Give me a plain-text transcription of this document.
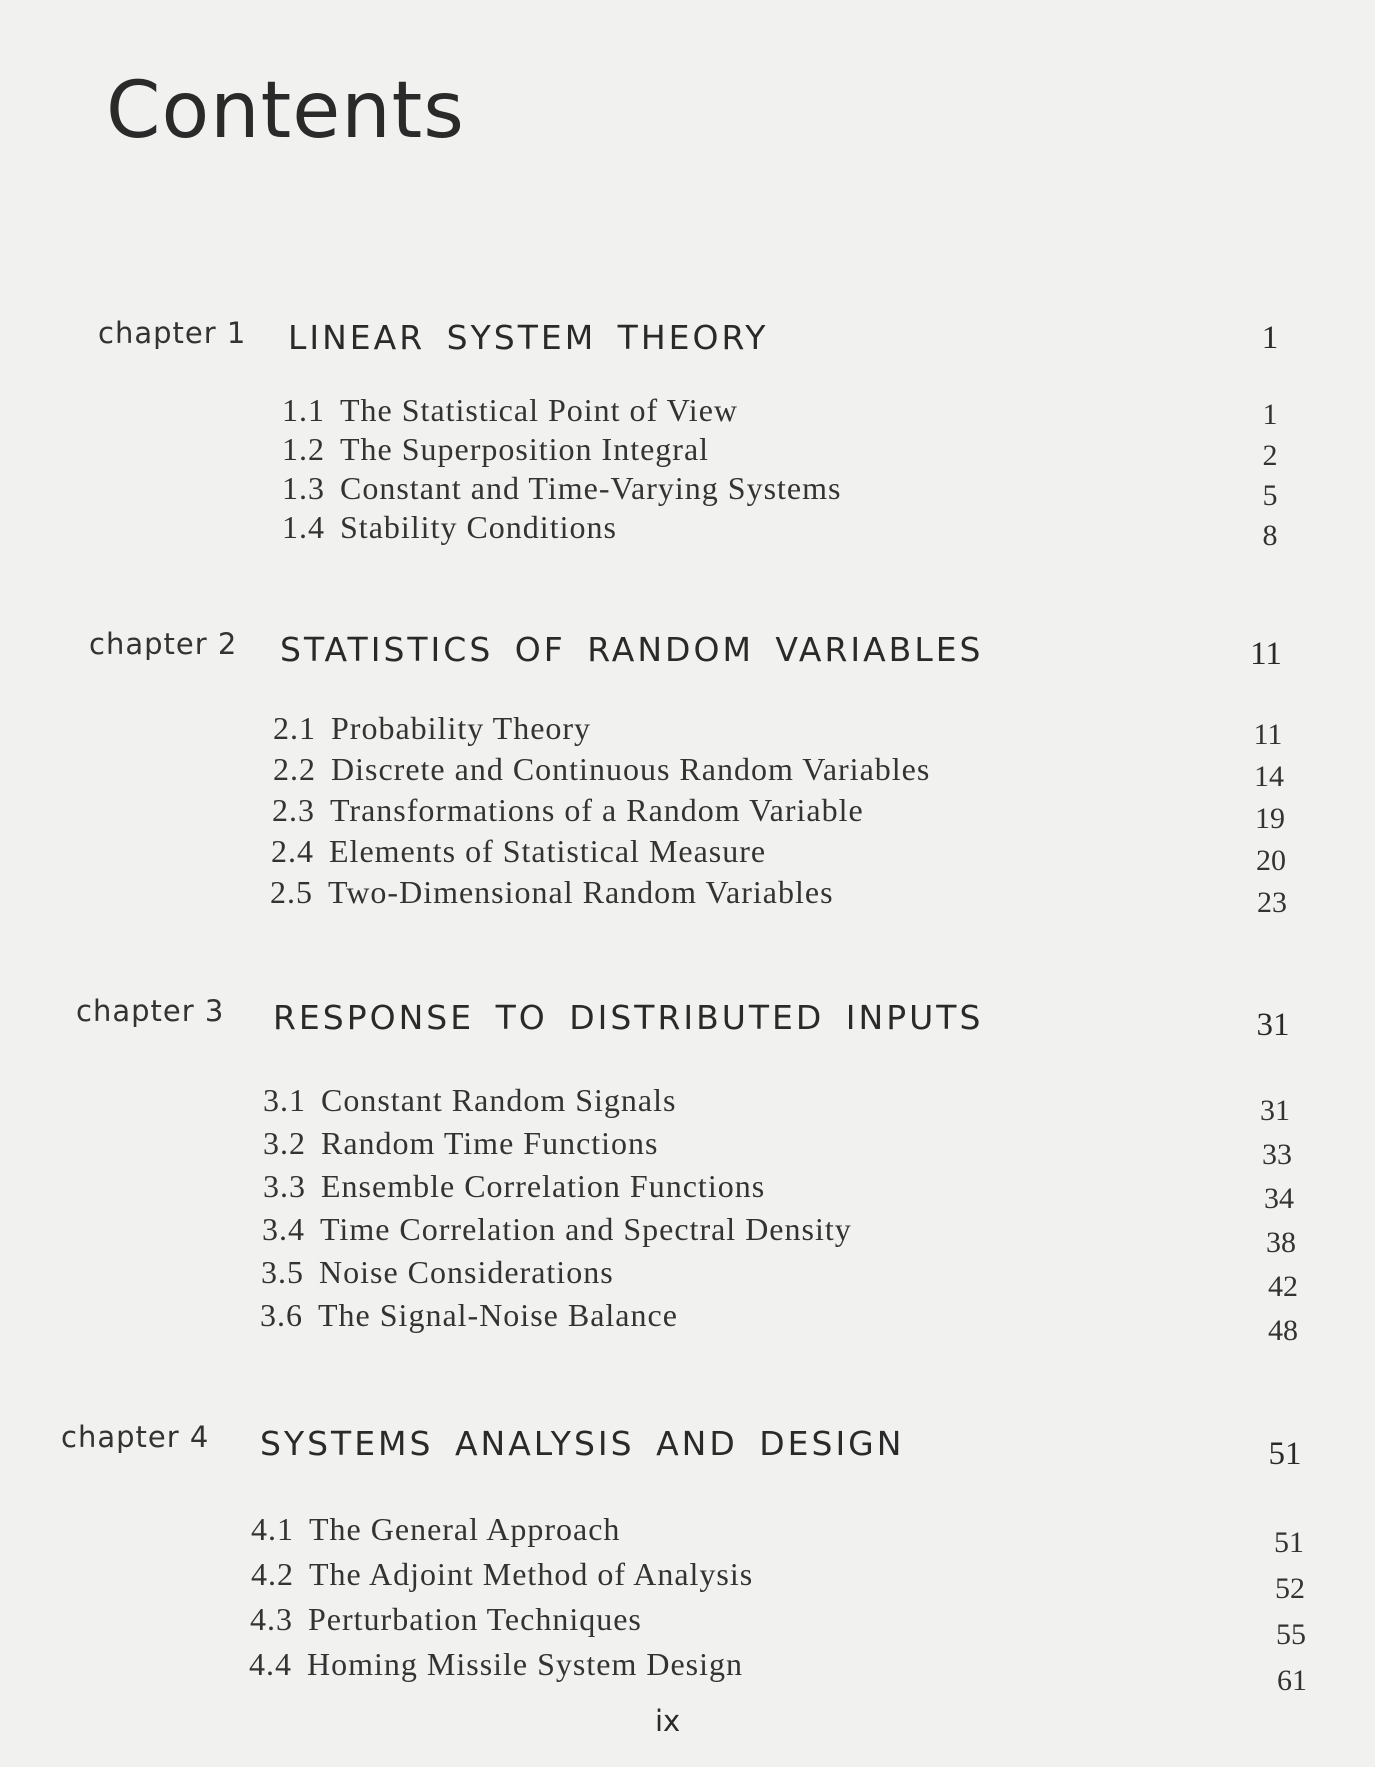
Contents
chapter 1 LINEAR SYSTEM THEORY	1
1.1 The Statistical Point of View	1
1.2 The Superposition Integral	2
1.3 Constant and Time-Varying Systems	5
1.4 Stability Conditions	8
chapter 2 STATISTICS OF RANDOM VARIABLES	11
2.1 Probability Theory	11
2.2 Discrete and Continuous Random Variables	14
2.3 Transformations of a Random Variable	19
2.4 Elements of Statistical Measure	20
2.5 Two-Dimensional Random Variables	23
chapter 3 RESPONSE TO DISTRIBUTED INPUTS	31
3.1 Constant Random Signals	31
3.2 Random Time Functions	33
3.3 Ensemble Correlation Functions	34
3.4 Time Correlation and Spectral Density	38
3.5 Noise Considerations	42
3.6 The Signal-Noise Balance	48
chapter 4 SYSTEMS ANALYSIS AND DESIGN	51
4.1 The General Approach	51
4.2 The Adjoint Method of Analysis	52
4.3 Perturbation Techniques	55
4.4 Homing Missile System Design	61
ix
